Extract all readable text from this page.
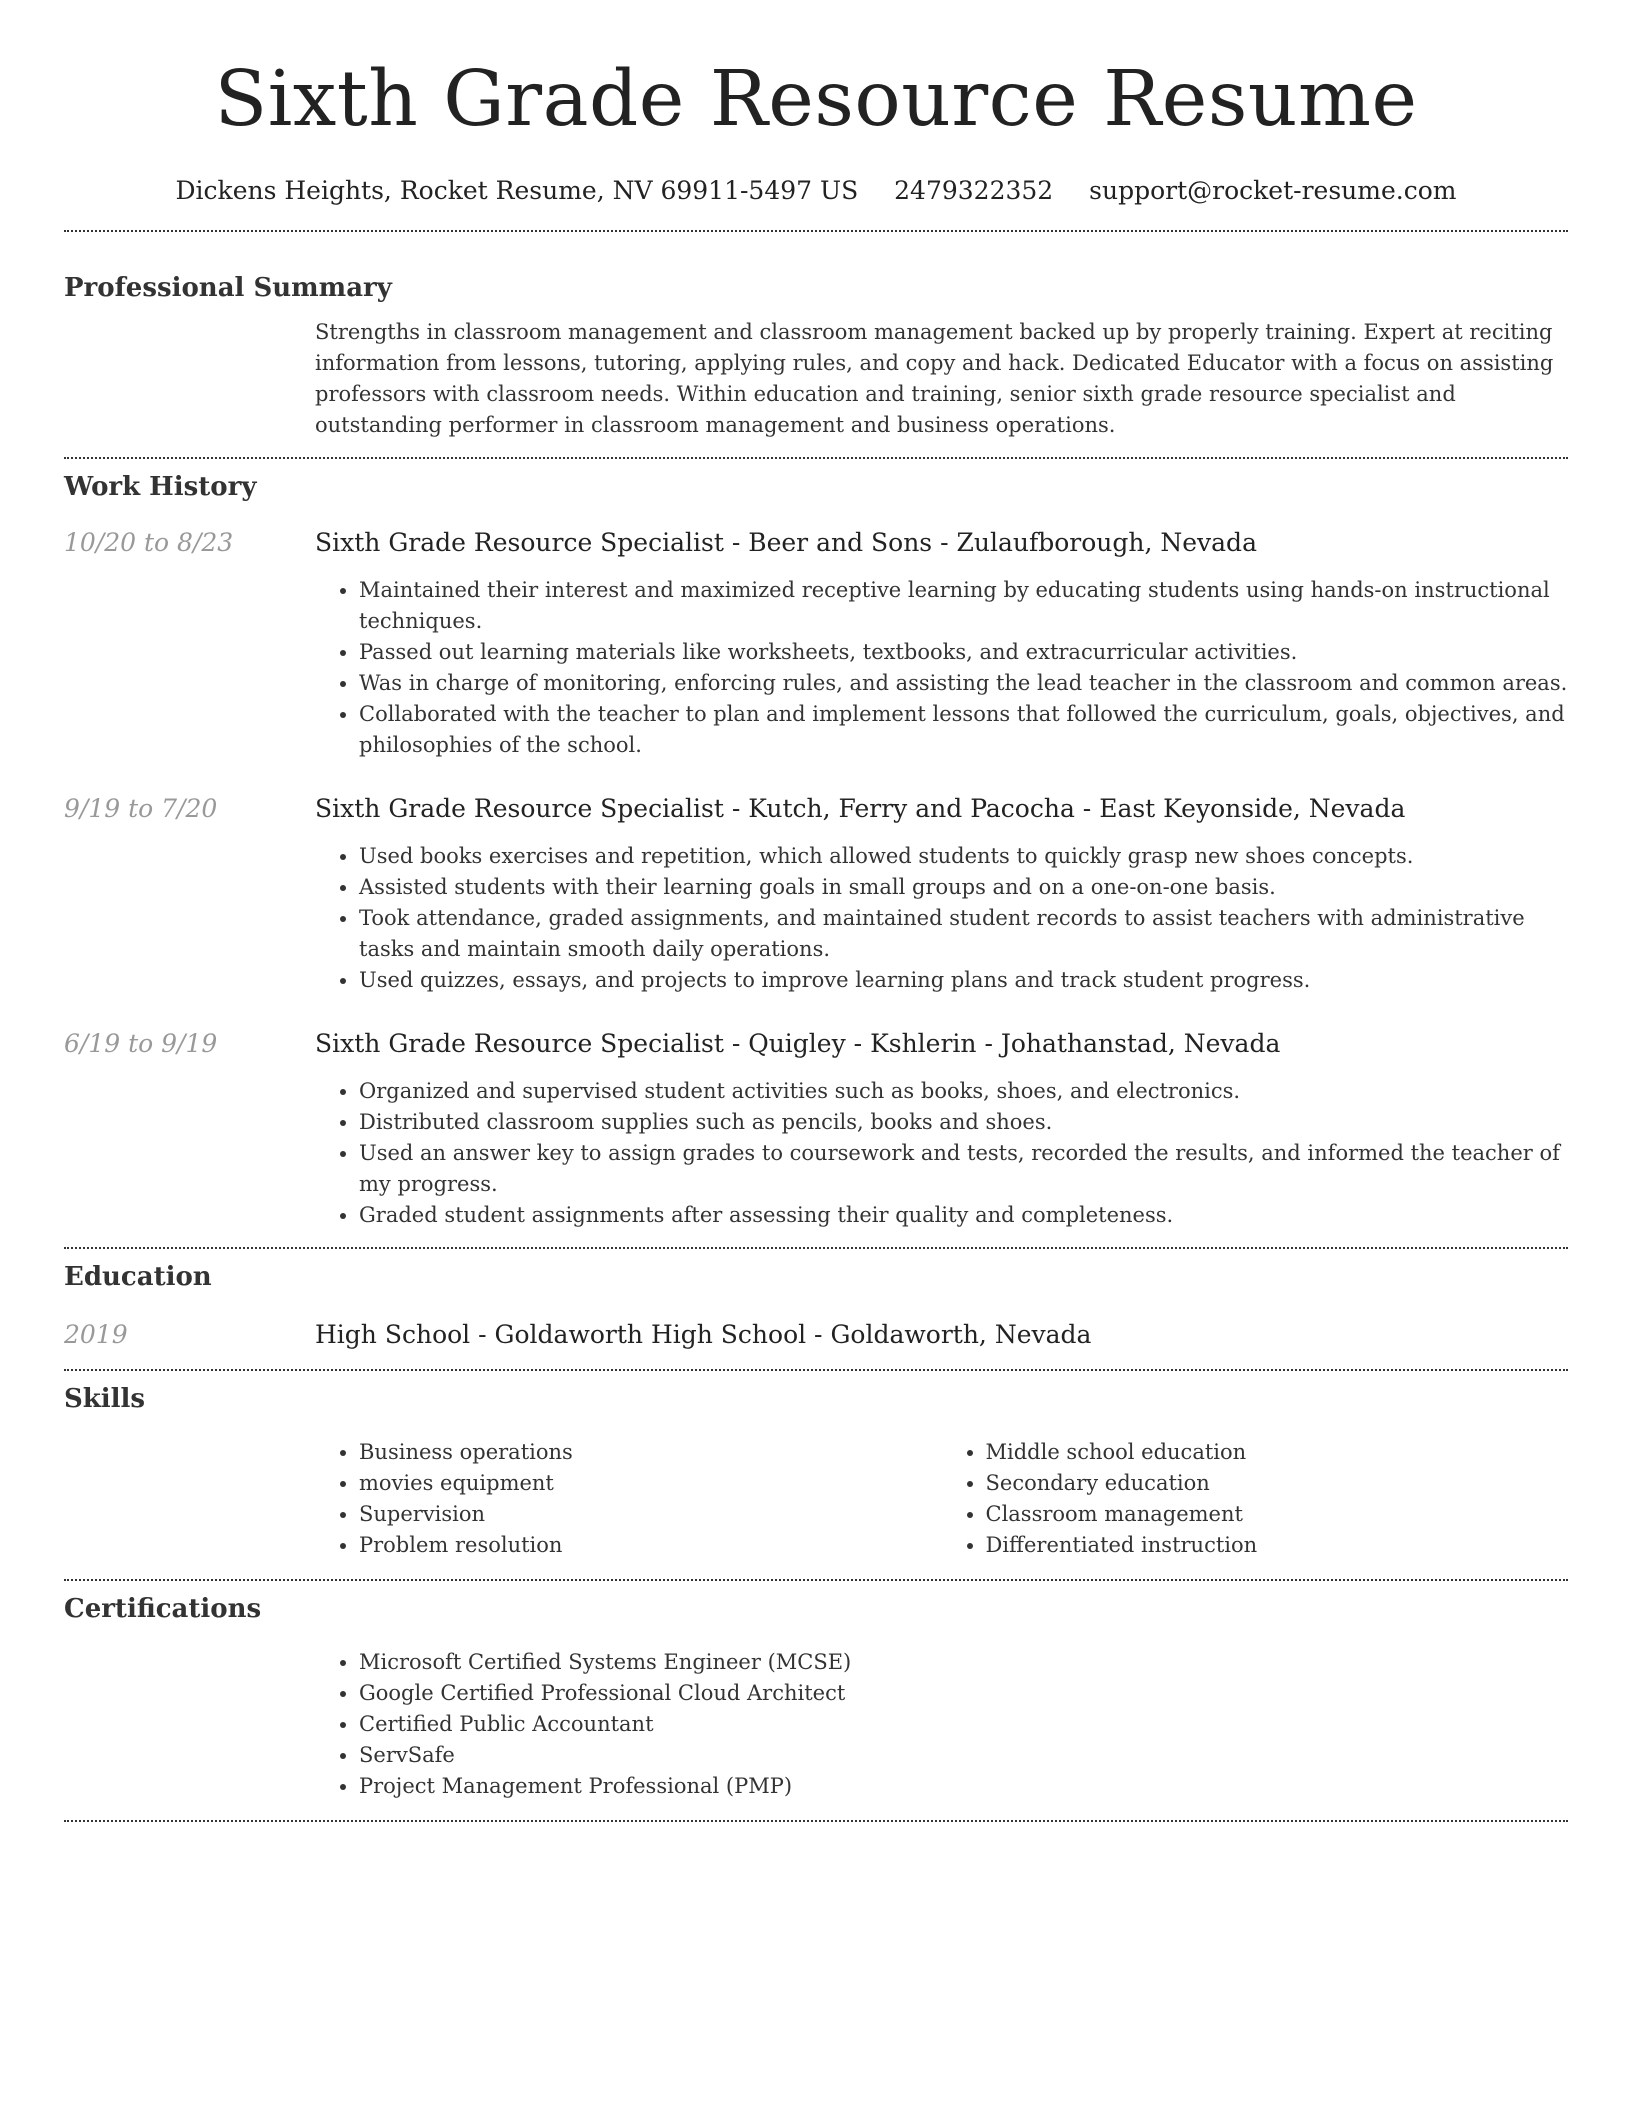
Sixth Grade Resource Resume
Dickens Heights, Rocket Resume, NV 69911-5497 US 2479322352 support@rocket-resume.com
Professional Summary

Strengths in classroom management and classroom management backed up by properly training. Expert at reciting information from lessons, tutoring, applying rules, and copy and hack. Dedicated Educator with a focus on assisting professors with classroom needs. Within education and training, senior sixth grade resource specialist and outstanding performer in classroom management and business operations.

Work History
10/20 to 8/23	Sixth Grade Resource Specialist - Beer and Sons - Zulaufborough, Nevada
• Maintained their interest and maximized receptive learning by educating students using hands-on instructional techniques.
• Passed out learning materials like worksheets, textbooks, and extracurricular activities.
• Was in charge of monitoring, enforcing rules, and assisting the lead teacher in the classroom and common areas.
• Collaborated with the teacher to plan and implement lessons that followed the curriculum, goals, objectives, and philosophies of the school.
9/19 to 7/20	Sixth Grade Resource Specialist - Kutch, Ferry and Pacocha - East Keyonside, Nevada
• Used books exercises and repetition, which allowed students to quickly grasp new shoes concepts.
• Assisted students with their learning goals in small groups and on a one-on-one basis.
• Took attendance, graded assignments, and maintained student records to assist teachers with administrative tasks and maintain smooth daily operations.
• Used quizzes, essays, and projects to improve learning plans and track student progress.
6/19 to 9/19	Sixth Grade Resource Specialist - Quigley - Kshlerin - Johathanstad, Nevada
• Organized and supervised student activities such as books, shoes, and electronics.
• Distributed classroom supplies such as pencils, books and shoes.
• Used an answer key to assign grades to coursework and tests, recorded the results, and informed the teacher of my progress.
• Graded student assignments after assessing their quality and completeness.
Education
2019	High School - Goldaworth High School - Goldaworth, Nevada
Skills
• Business operations
• movies equipment
• Supervision
• Problem resolution
• Middle school education
• Secondary education
• Classroom management
• Differentiated instruction
Certifications
• Microsoft Certified Systems Engineer (MCSE)
• Google Certified Professional Cloud Architect
• Certified Public Accountant
• ServSafe
• Project Management Professional (PMP)
